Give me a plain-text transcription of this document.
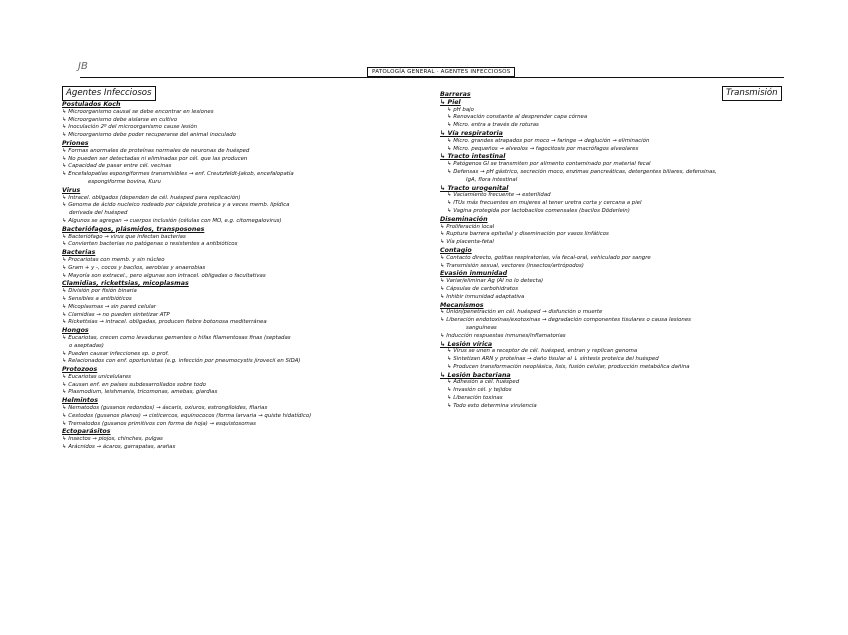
JB	PATOLOGÍA GENERAL · AGENTES INFECCIOSOS
Agentes Infecciosos	Transmisión
Postulados Koch
↳ Microorganismo causal se debe encontrar en lesiones
↳ Microorganismo debe aislarse en cultivo
↳ Inoculación 2º del microorganismo cause lesión
↳ Microorganismo debe poder recuperarse del animal inoculado
Priones
↳ Formas anormales de proteínas normales de neuronas de huésped
↳ No pueden ser detectadas ni eliminadas por cél. que las producen
↳ Capacidad de pasar entre cél. vecinas
↳ Encefalopatías espongiformes transmisibles → enf. Creutzfeldt-Jakob, encefalopatía
espongiforme bovina, Kuru
Virus
↳ Intracel. obligados (dependen de cél. huésped para replicación)
↳ Genoma de ácido nucleico rodeado por cápside proteica y a veces memb. lipídica
derivada del huésped
↳ Algunos se agregan → cuerpos inclusión (células con MO, e.g. citomegalovirus)
Bacteriófagos, plásmidos, transposones
↳ Bacteriófago → virus que infectan bacterias
↳ Convierten bacterias no patógenas o resistentes a antibióticos
Bacterias
↳ Procariotas con memb. y sin núcleo
↳ Gram + y -, cocos y bacilos, aerobias y anaerobias
↳ Mayoría son extracel., pero algunas son intracel. obligadas o facultativas
Clamidias, rickettsias, micoplasmas
↳ División por fisión binaria
↳ Sensibles a antibióticos
↳ Micoplasmas → sin pared celular
↳ Clamidias → no pueden sintetizar ATP
↳ Rickettsias → intracel. obligadas, producen fiebre botonosa mediterránea
Hongos
↳ Eucariotas, crecen como levaduras gemantes o hifas filamentosas finas (septadas
o aseptadas)
↳ Pueden causar infecciones sp. o prof.
↳ Relacionados con enf. oportunistas (e.g. infección por pneumocystis jirovecii en SIDA)
Protozoos
↳ Eucariotas unicelulares
↳ Causan enf. en países subdesarrollados sobre todo
↳ Plasmodium, leishmania, tricomonas, amebas, giardias
Helmintos
↳ Nematodos (gusanos redondos) → áscaris, oxiuros, estrongiloides, filarias
↳ Cestodos (gusanos planos) → cisticercos, equinococos (forma larvaria → quiste hidatídico)
↳ Trematodos (gusanos primitivos con forma de hoja) → esquistosomas
Ectoparásitos
↳ Insectos → piojos, chinches, pulgas
↳ Arácnidos → ácaros, garrapatas, arañas
Barreras
↳ Piel
↳ pH bajo
↳ Renovación constante al desprender capa córnea
↳ Micro. entra a través de roturas
↳ Vía respiratoria
↳ Micro. grandes atrapados por moco → faringe → deglución → eliminación
↳ Micro. pequeños → alveolos → fagocitosis por macrófagos alveolares
↳ Tracto intestinal
↳ Patógenos GI se transmiten por alimento contaminado por material fecal
↳ Defensas → pH gástrico, secreción moco, enzimas pancreáticas, detergentes biliares, defensinas,
IgA, flora intestinal
↳ Tracto urogenital
↳ Vaciamiento frecuente → esterilidad
↳ ITUs más frecuentes en mujeres al tener uretra corta y cercana a piel
↳ Vagina protegida por lactobacilos comensales (bacilos Döderlein)
Diseminación
↳ Proliferación local
↳ Ruptura barrera epitelial y diseminación por vasos linfáticos
↳ Vía placenta-fetal
Contagio
↳ Contacto directo, gotitas respiratorias, vía fecal-oral, vehiculado por sangre
↳ Transmisión sexual, vectores (insectos/artrópodos)
Evasión inmunidad
↳ Variar/eliminar Ag (AI no lo detecta)
↳ Cápsulas de carbohidratos
↳ Inhibir inmunidad adaptativa
Mecanismos
↳ Unión/penetración en cél. huésped → disfunción o muerte
↳ Liberación endotoxinas/exotoxinas → degradación componentes tisulares o causa lesiones
sanguíneas
↳ Inducción respuestas inmunes/inflamatorias
↳ Lesión vírica
↳ Virus se unen a receptor de cél. huésped, entran y replican genoma
↳ Sintetizan ARN y proteínas → daño tisular al ↓ síntesis proteica del huésped
↳ Producen transformación neoplásica, lisis, fusión celular, producción metabólica dañina
↳ Lesión bacteriana
↳ Adhesión a cél. huésped
↳ Invasión cél. y tejidos
↳ Liberación toxinas
↳ Todo esto determina virulencia
